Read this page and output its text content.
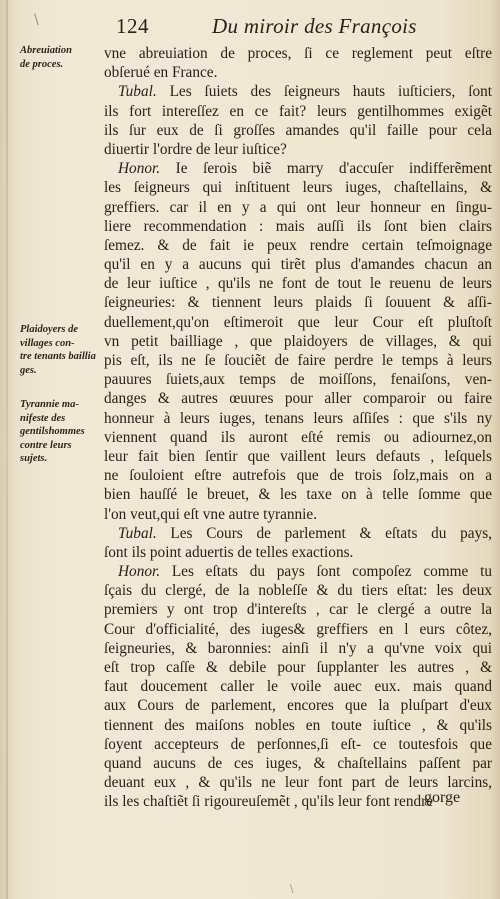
\	124	Du miroir des François
Abreuiation
de proces.
Plaidoyers de
villages con-
tre tenants baillia
ges.
Tyrannie ma-
nifeste des
gentilshommes
contre leurs
sujets.
vne abreuiation de proces, ſi ce reglement peut eſtre
obſerué en France.
Tubal. Les ſuiets des ſeigneurs hauts iuſticiers, ſont
ils fort intereſſez en ce fait? leurs gentilhommes exigẽt
ils ſur eux de ſi groſſes amandes qu'il faille pour cela
diuertir l'ordre de leur iuſtice?
Honor. Ie ſerois biẽ marry d'accuſer indifferẽment
les ſeigneurs qui inſtituent leurs iuges, chaſtellains, &
greffiers. car il en y a qui ont leur honneur en ſingu-
liere recommendation : mais auſſi ils ſont bien clairs
ſemez. & de fait ie peux rendre certain teſmoignage
qu'il en y a aucuns qui tirẽt plus d'amandes chacun an
de leur iuſtice , qu'ils ne font de tout le reuenu de leurs
ſeigneuries: & tiennent leurs plaids ſi ſouuent & aſſi-
duellement,qu'on eſtimeroit que leur Cour eſt pluſtoſt
vn petit bailliage , que plaidoyers de villages, & qui
pis eſt, ils ne ſe ſouciẽt de faire perdre le temps à leurs
pauures ſuiets,aux temps de moiſſons, fenaiſons, ven-
danges & autres œuures pour aller comparoir ou faire
honneur à leurs iuges, tenans leurs aſſiſes : que s'ils ny
viennent quand ils auront eſté remis ou adiournez,on
leur fait bien ſentir que vaillent leurs defauts , leſquels
ne ſouloient eſtre autrefois que de trois ſolz,mais on a
bien hauſſé le breuet, & les taxe on à telle ſomme que
l'on veut,qui eſt vne autre tyrannie.
Tubal. Les Cours de parlement & eſtats du pays,
ſont ils point aduertis de telles exactions.
Honor. Les eſtats du pays ſont compoſez comme tu
ſçais du clergé, de la nobleſſe & du tiers eſtat: les deux
premiers y ont trop d'intereſts , car le clergé a outre la
Cour d'officialité, des iuges& greffiers en l eurs côtez,
ſeigneuries, & baronnies: ainſi il n'y a qu'vne voix qui
eſt trop caſſe & debile pour ſupplanter les autres , &
faut doucement caller le voile auec eux. mais quand
aux Cours de parlement, encores que la pluſpart d'eux
tiennent des maiſons nobles en toute iuſtice , & qu'ils
ſoyent accepteurs de perſonnes,ſi eſt- ce toutesfois que
quand aucuns de ces iuges, & chaſtellains paſſent par
deuant eux , & qu'ils ne leur font part de leurs larcins,
ils les chaſtiẽt ſi rigoureuſemẽt , qu'ils leur font rendre
gorge
\
